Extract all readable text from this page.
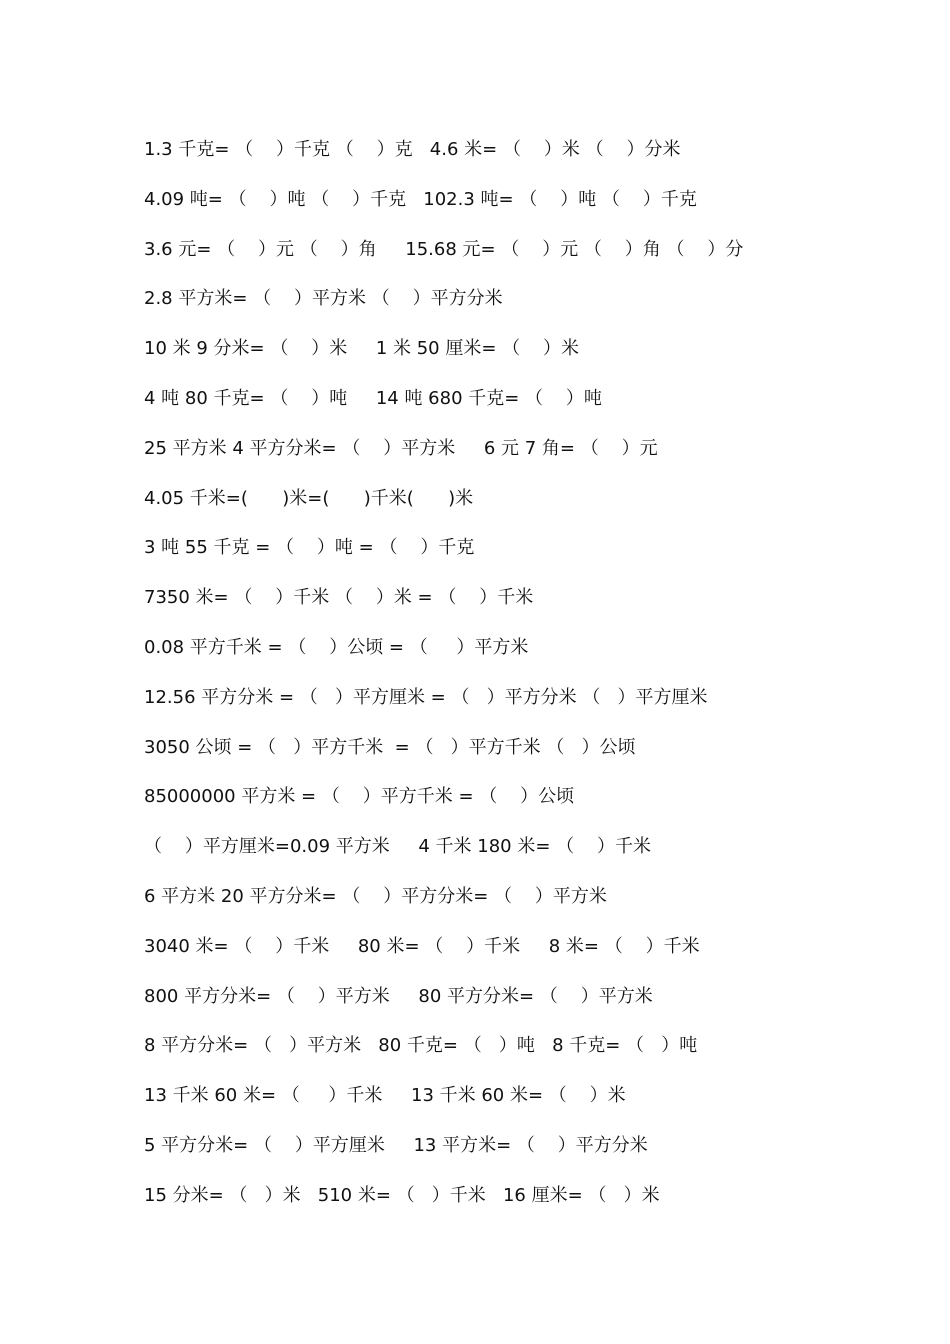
1.3 千克= （    ）千克 （    ）克   4.6 米= （    ）米 （    ）分米
4.09 吨= （    ）吨 （    ）千克   102.3 吨= （    ）吨 （    ）千克
3.6 元= （    ）元 （    ）角     15.68 元= （    ）元 （    ）角 （    ）分
2.8 平方米= （    ）平方米 （    ）平方分米
10 米 9 分米= （    ）米     1 米 50 厘米= （    ）米
4 吨 80 千克= （    ）吨     14 吨 680 千克= （    ）吨
25 平方米 4 平方分米= （    ）平方米     6 元 7 角= （    ）元
4.05 千米=(      )米=(      )千米(      )米
3 吨 55 千克 = （    ）吨 = （    ）千克
7350 米= （    ）千米 （    ）米 = （    ）千米
0.08 平方千米 = （    ）公顷 = （     ）平方米
12.56 平方分米 = （   ）平方厘米 = （   ）平方分米 （   ）平方厘米
3050 公顷 = （   ）平方千米  = （   ）平方千米 （   ）公顷
85000000 平方米 = （    ）平方千米 = （    ）公顷
（    ）平方厘米=0.09 平方米     4 千米 180 米= （    ）千米
6 平方米 20 平方分米= （    ）平方分米= （    ）平方米
3040 米= （    ）千米     80 米= （    ）千米     8 米= （    ）千米
800 平方分米= （    ）平方米     80 平方分米= （    ）平方米
8 平方分米= （   ）平方米   80 千克= （   ）吨   8 千克= （   ）吨
13 千米 60 米= （     ）千米     13 千米 60 米= （    ）米
5 平方分米= （    ）平方厘米     13 平方米= （    ）平方分米
15 分米= （   ）米   510 米= （   ）千米   16 厘米= （   ）米
